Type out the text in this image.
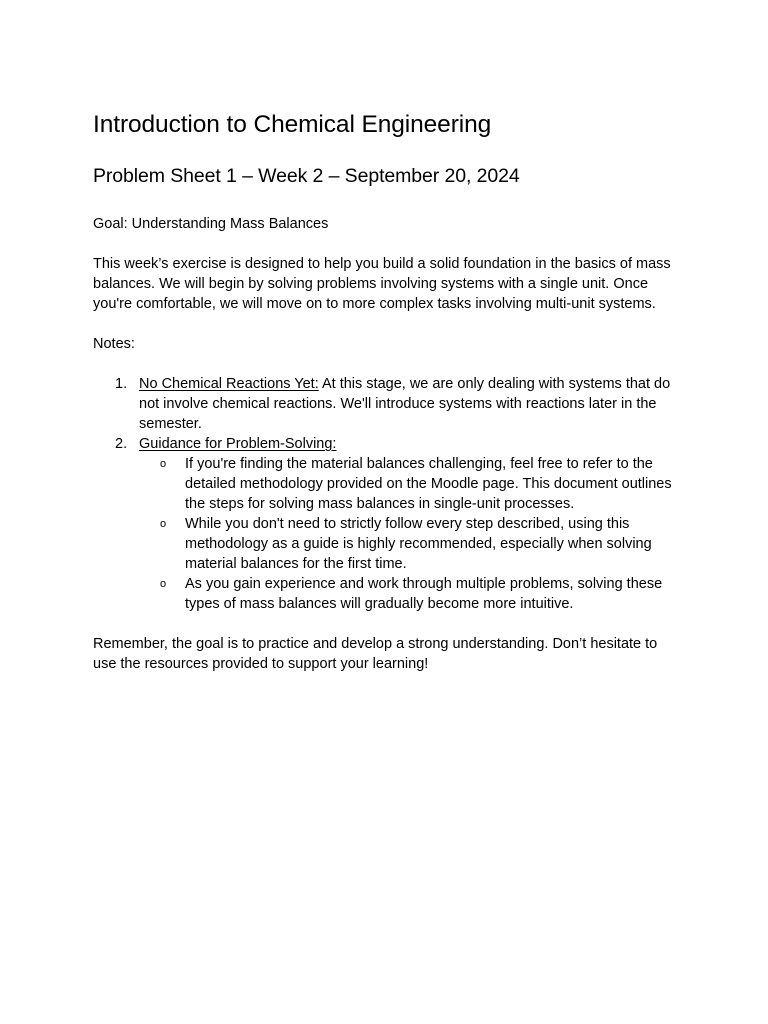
Introduction to Chemical Engineering
Problem Sheet 1 – Week 2 – September 20, 2024

Goal: Understanding Mass Balances

This week’s exercise is designed to help you build a solid foundation in the basics of mass balances. We will begin by solving problems involving systems with a single unit. Once you're comfortable, we will move on to more complex tasks involving multi-unit systems.

Notes:

1. No Chemical Reactions Yet: At this stage, we are only dealing with systems that do not involve chemical reactions. We'll introduce systems with reactions later in the semester.
2. Guidance for Problem-Solving:
o If you're finding the material balances challenging, feel free to refer to the detailed methodology provided on the Moodle page. This document outlines the steps for solving mass balances in single-unit processes.
o While you don't need to strictly follow every step described, using this methodology as a guide is highly recommended, especially when solving material balances for the first time.
o As you gain experience and work through multiple problems, solving these types of mass balances will gradually become more intuitive.

Remember, the goal is to practice and develop a strong understanding. Don’t hesitate to use the resources provided to support your learning!
